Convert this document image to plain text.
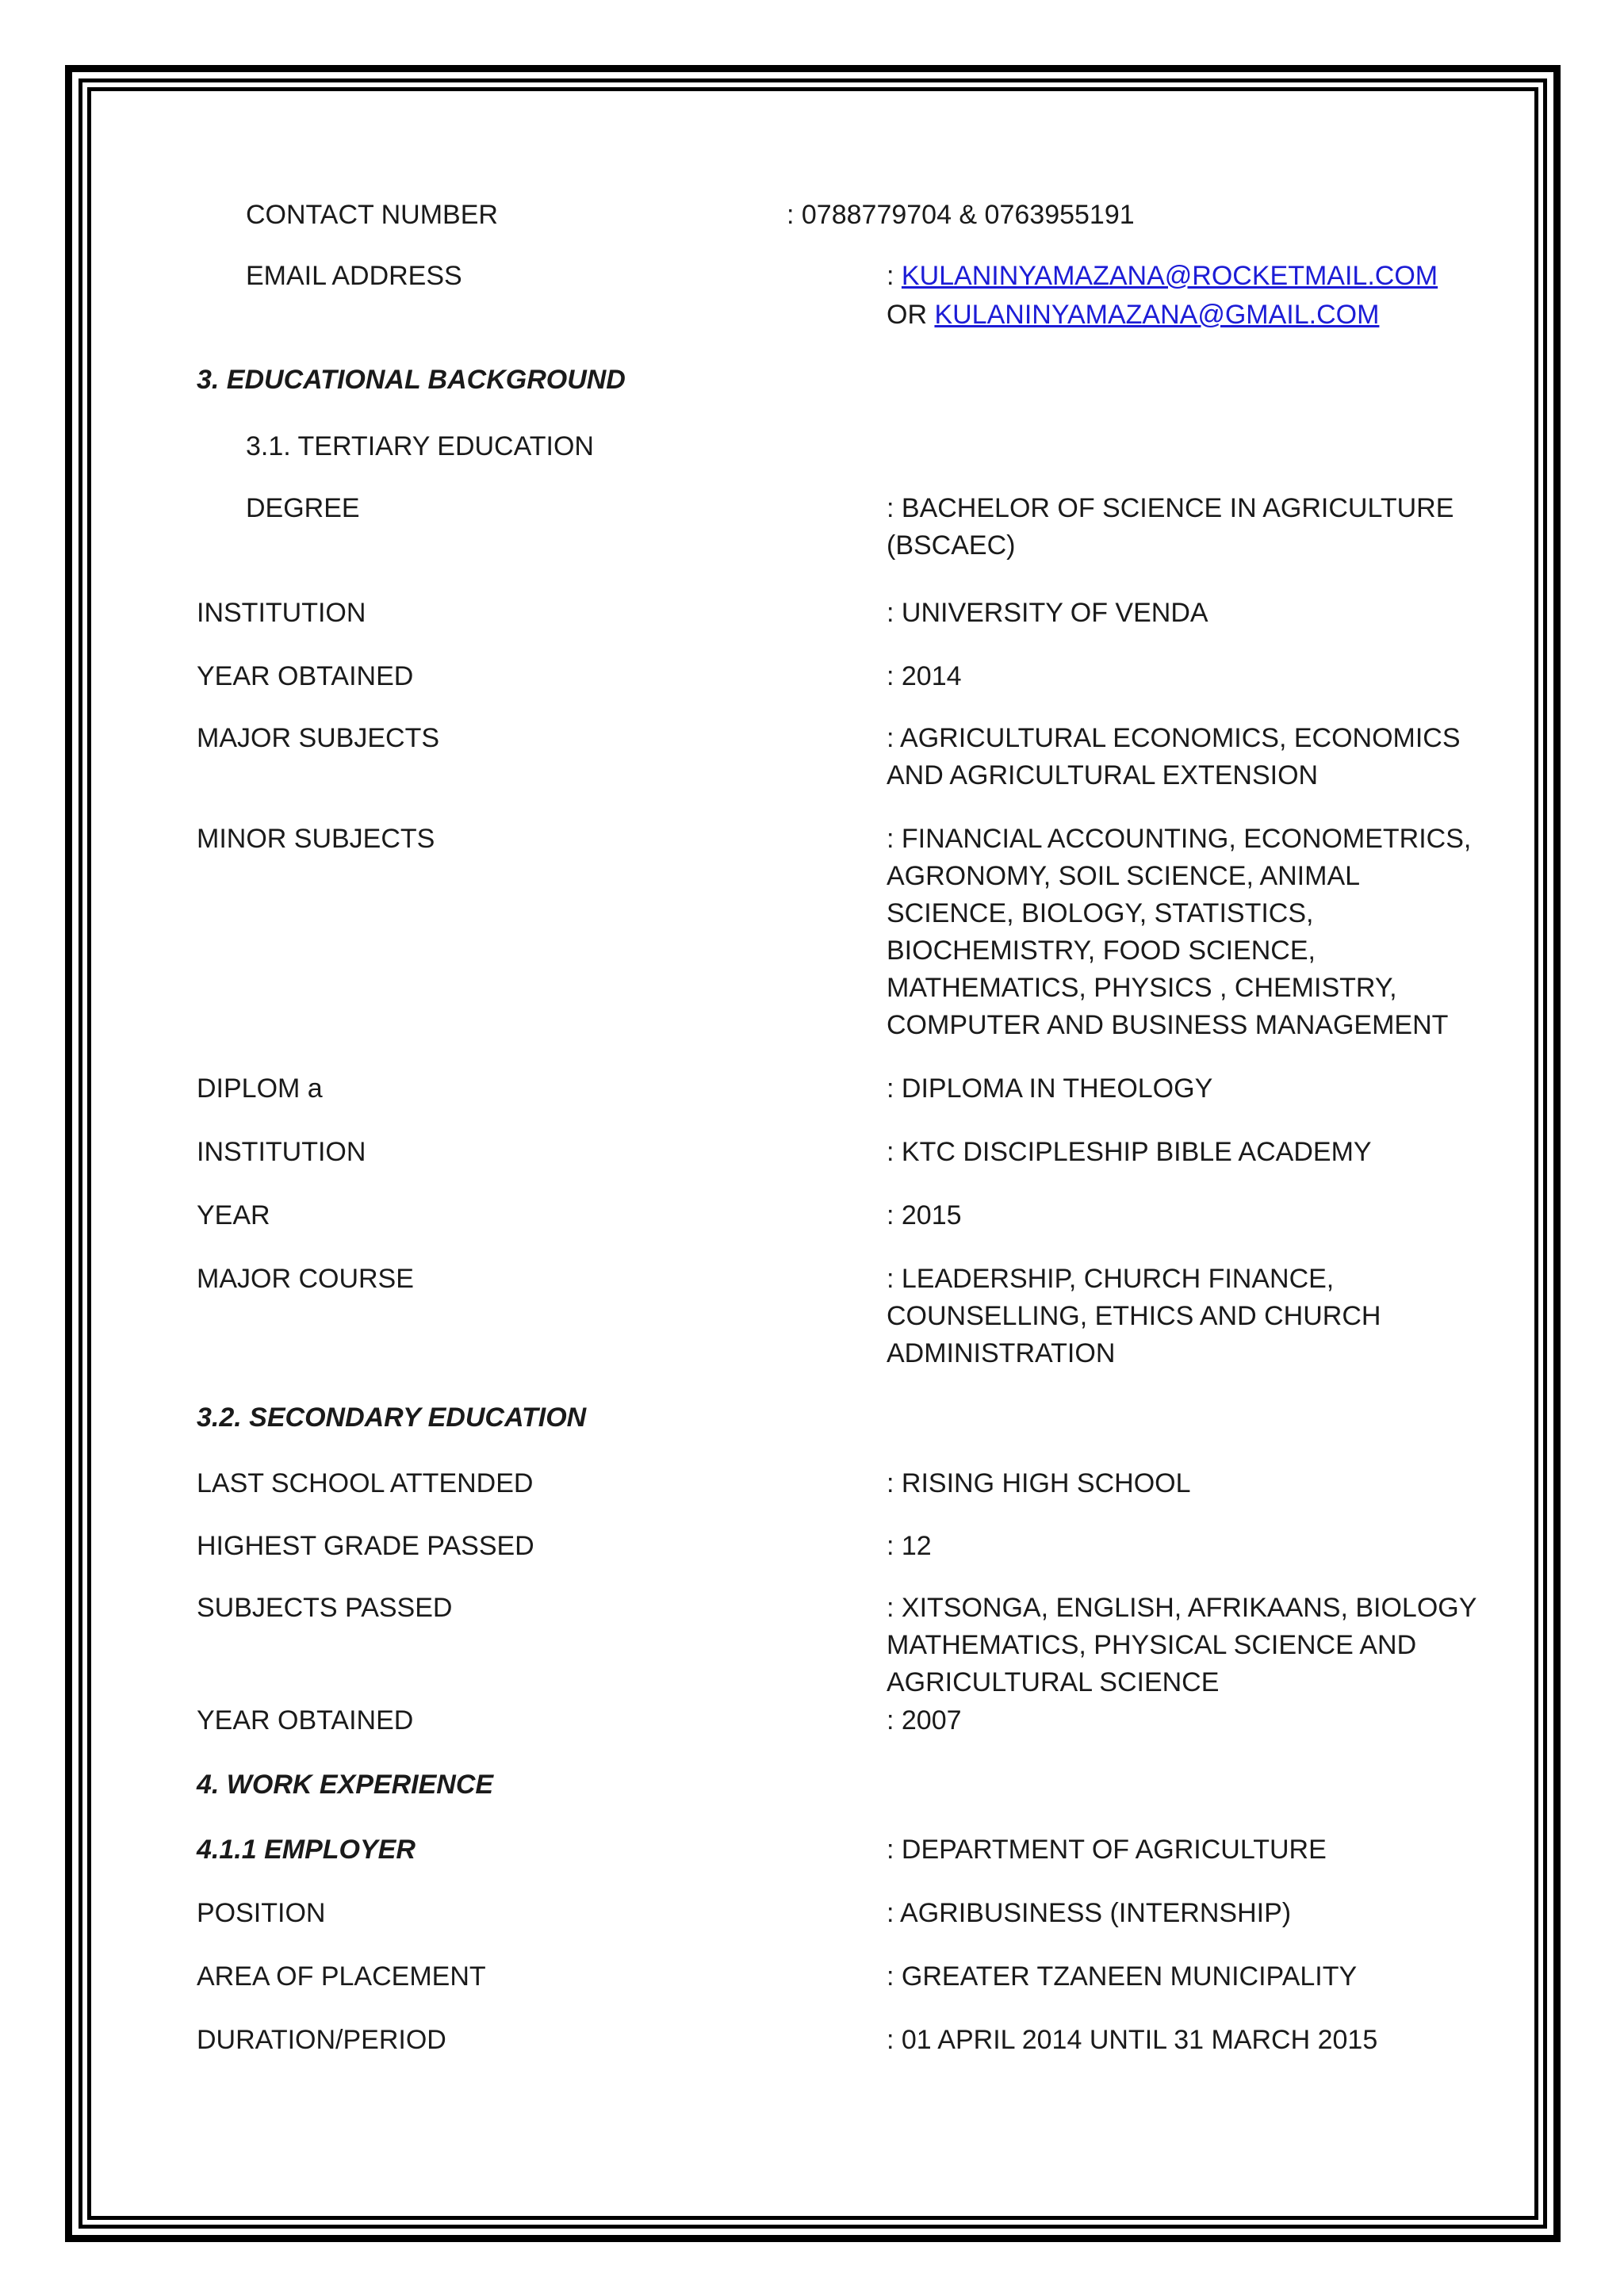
CONTACT NUMBER	: 0788779704 & 0763955191

EMAIL ADDRESS	: KULANINYAMAZANA@ROCKETMAIL.COM

OR KULANINYAMAZANA@GMAIL.COM

3. EDUCATIONAL BACKGROUND

3.1. TERTIARY EDUCATION

DEGREE	: BACHELOR OF SCIENCE IN AGRICULTURE

(BSCAEC)

INSTITUTION	: UNIVERSITY OF VENDA

YEAR OBTAINED	: 2014

MAJOR SUBJECTS	: AGRICULTURAL ECONOMICS, ECONOMICS

AND AGRICULTURAL EXTENSION

MINOR SUBJECTS	: FINANCIAL ACCOUNTING, ECONOMETRICS,

AGRONOMY, SOIL SCIENCE, ANIMAL

SCIENCE, BIOLOGY, STATISTICS,

BIOCHEMISTRY, FOOD SCIENCE,

MATHEMATICS, PHYSICS , CHEMISTRY,

COMPUTER AND BUSINESS MANAGEMENT

DIPLOM a	: DIPLOMA IN THEOLOGY

INSTITUTION	: KTC DISCIPLESHIP BIBLE ACADEMY

YEAR	: 2015

MAJOR COURSE	: LEADERSHIP, CHURCH FINANCE,

COUNSELLING, ETHICS AND CHURCH

ADMINISTRATION

3.2. SECONDARY EDUCATION

LAST SCHOOL ATTENDED	: RISING HIGH SCHOOL

HIGHEST GRADE PASSED	: 12

SUBJECTS PASSED	: XITSONGA, ENGLISH, AFRIKAANS, BIOLOGY

MATHEMATICS, PHYSICAL SCIENCE AND

AGRICULTURAL SCIENCE

YEAR OBTAINED	: 2007

4. WORK EXPERIENCE

4.1.1 EMPLOYER	: DEPARTMENT OF AGRICULTURE

POSITION	: AGRIBUSINESS (INTERNSHIP)

AREA OF PLACEMENT	: GREATER TZANEEN MUNICIPALITY

DURATION/PERIOD	: 01 APRIL 2014 UNTIL 31 MARCH 2015
